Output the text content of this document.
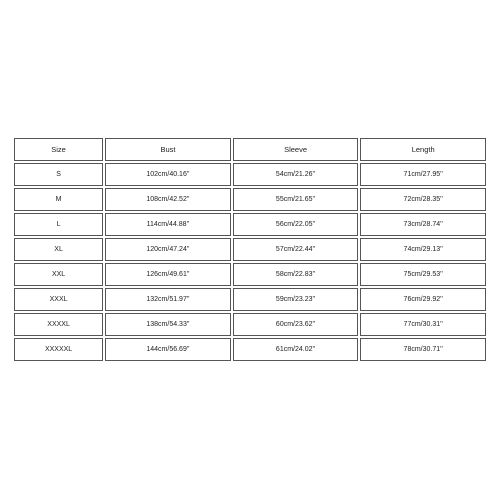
Size	Bust	Sleeve	Length
S	102cm/40.16''	54cm/21.26''	71cm/27.95''
M	108cm/42.52''	55cm/21.65''	72cm/28.35''
L	114cm/44.88''	56cm/22.05''	73cm/28.74''
XL	120cm/47.24''	57cm/22.44''	74cm/29.13''
XXL	126cm/49.61''	58cm/22.83''	75cm/29.53''
XXXL	132cm/51.97''	59cm/23.23''	76cm/29.92''
XXXXL	138cm/54.33''	60cm/23.62''	77cm/30.31''
XXXXXL	144cm/56.69''	61cm/24.02''	78cm/30.71''
